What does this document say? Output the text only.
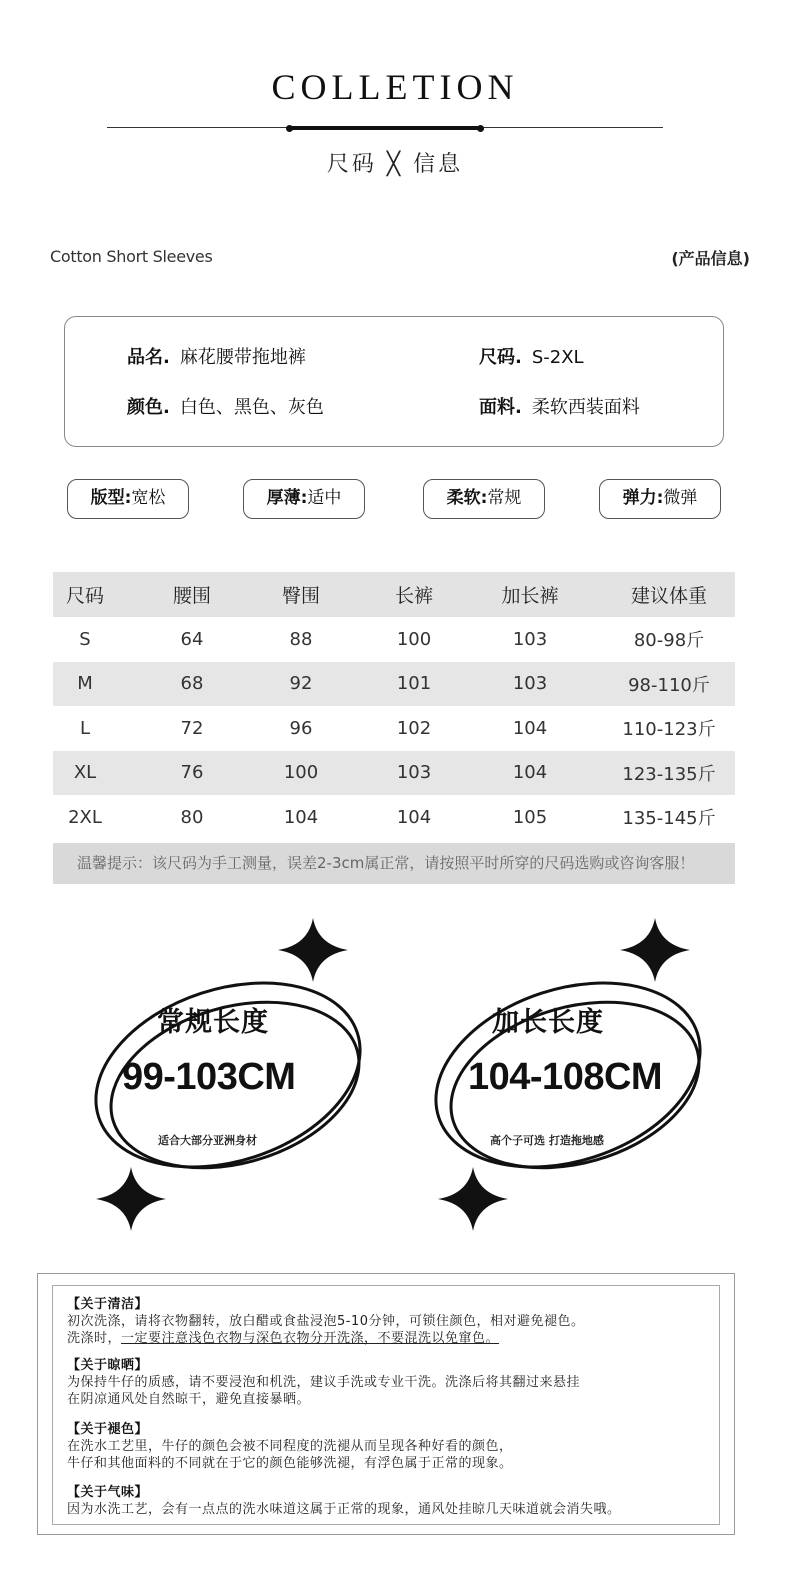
COLLETION
尺码 ╳ 信息
Cotton Short Sleeves	(产品信息)
品名. 麻花腰带拖地裤	尺码. S-2XL
颜色. 白色、黑色、灰色	面料. 柔软西装面料
版型:宽松	厚薄:适中	柔软:常规	弹力:微弹
尺码	腰围	臀围	长裤	加长裤	建议体重
S	64	88	100	103	80-98斤
M	68	92	101	103	98-110斤
L	72	96	102	104	110-123斤
XL	76	100	103	104	123-135斤
2XL	80	104	104	105	135-145斤
温馨提示：该尺码为手工测量，误差2-3cm属正常，请按照平时所穿的尺码选购或咨询客服！
常规长度
99-103CM
适合大部分亚洲身材
加长长度
104-108CM
高个子可选 打造拖地感
【关于清洁】
初次洗涤，请将衣物翻转，放白醋或食盐浸泡5-10分钟，可锁住颜色，相对避免褪色。
洗涤时，一定要注意浅色衣物与深色衣物分开洗涤，不要混洗以免窜色。
【关于晾晒】
为保持牛仔的质感，请不要浸泡和机洗，建议手洗或专业干洗。洗涤后将其翻过来悬挂
在阴凉通风处自然晾干，避免直接暴晒。
【关于褪色】
在洗水工艺里，牛仔的颜色会被不同程度的洗褪从而呈现各种好看的颜色，
牛仔和其他面料的不同就在于它的颜色能够洗褪，有浮色属于正常的现象。
【关于气味】
因为水洗工艺，会有一点点的洗水味道这属于正常的现象，通风处挂晾几天味道就会消失哦。
